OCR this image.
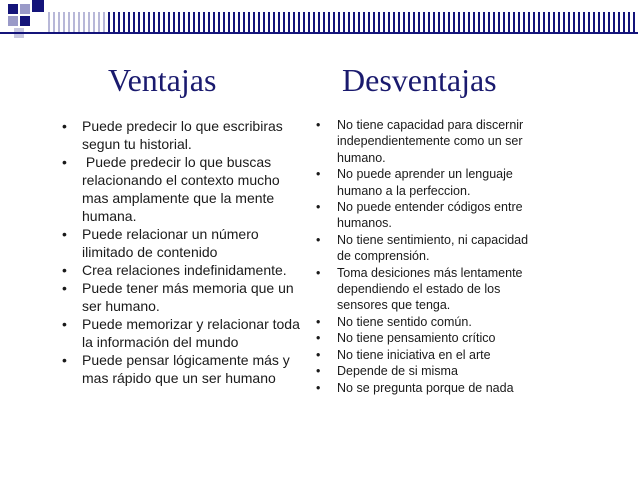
Ventajas	Desventajas
• Puede predecir lo que escribiras segun tu historial.
• Puede predecir lo que buscas relacionando el contexto mucho mas amplamente que la mente humana.
• Puede relacionar un número ilimitado de contenido
• Crea relaciones indefinidamente.
• Puede tener más memoria que un ser humano.
• Puede memorizar y relacionar toda la información del mundo
• Puede pensar lógicamente más y mas rápido que un ser humano
• No tiene capacidad para discernir independientemente como un ser humano.
• No puede aprender un lenguaje humano a la perfeccion.
• No puede entender códigos entre humanos.
• No tiene sentimiento, ni capacidad de comprensión.
• Toma desiciones más lentamente dependiendo el estado de los sensores que tenga.
• No tiene sentido común.
• No tiene pensamiento crítico
• No tiene iniciativa en el arte
• Depende de si misma
• No se pregunta porque de nada
